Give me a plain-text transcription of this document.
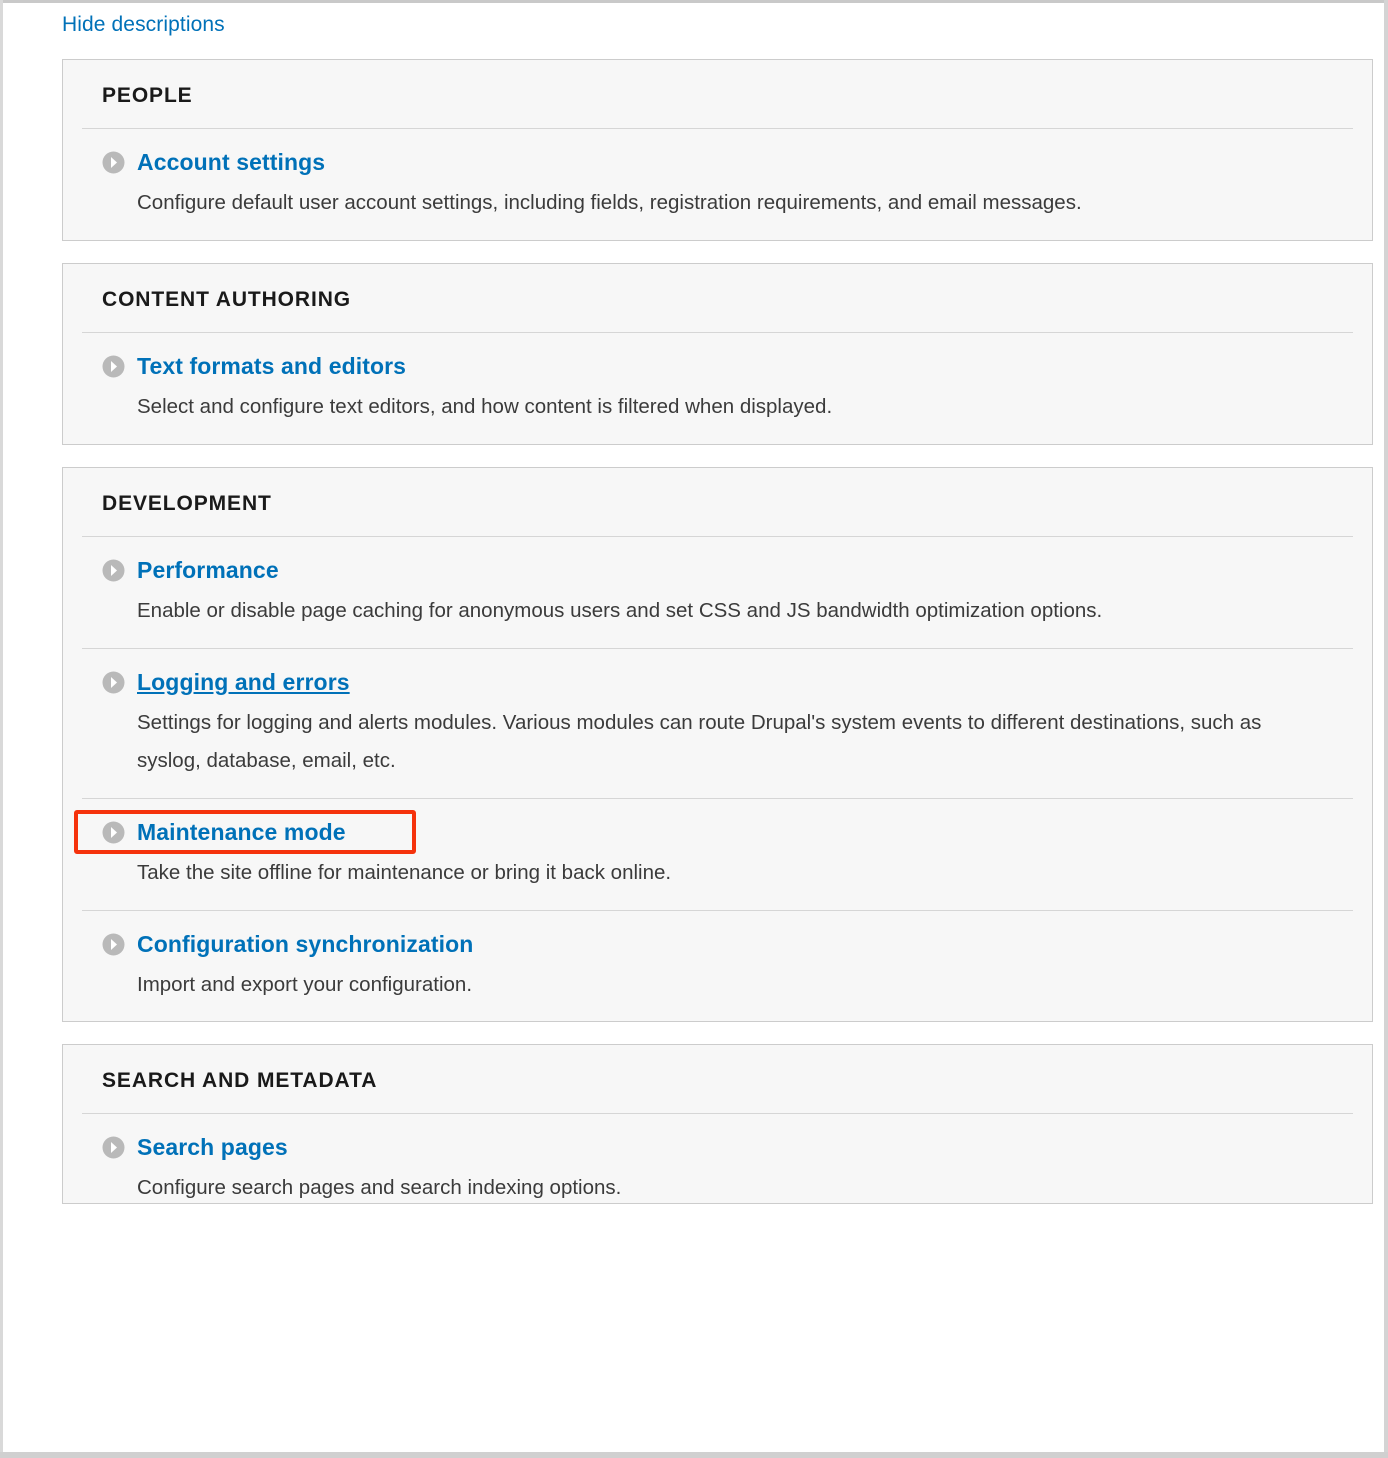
Hide descriptions
PEOPLE
Account settings
Configure default user account settings, including fields, registration requirements, and email messages.
CONTENT AUTHORING
Text formats and editors
Select and configure text editors, and how content is filtered when displayed.
DEVELOPMENT
Performance
Enable or disable page caching for anonymous users and set CSS and JS bandwidth optimization options.
Logging and errors
Settings for logging and alerts modules. Various modules can route Drupal's system events to different destinations, such as syslog, database, email, etc.
Maintenance mode
Take the site offline for maintenance or bring it back online.
Configuration synchronization
Import and export your configuration.
SEARCH AND METADATA
Search pages
Configure search pages and search indexing options.
